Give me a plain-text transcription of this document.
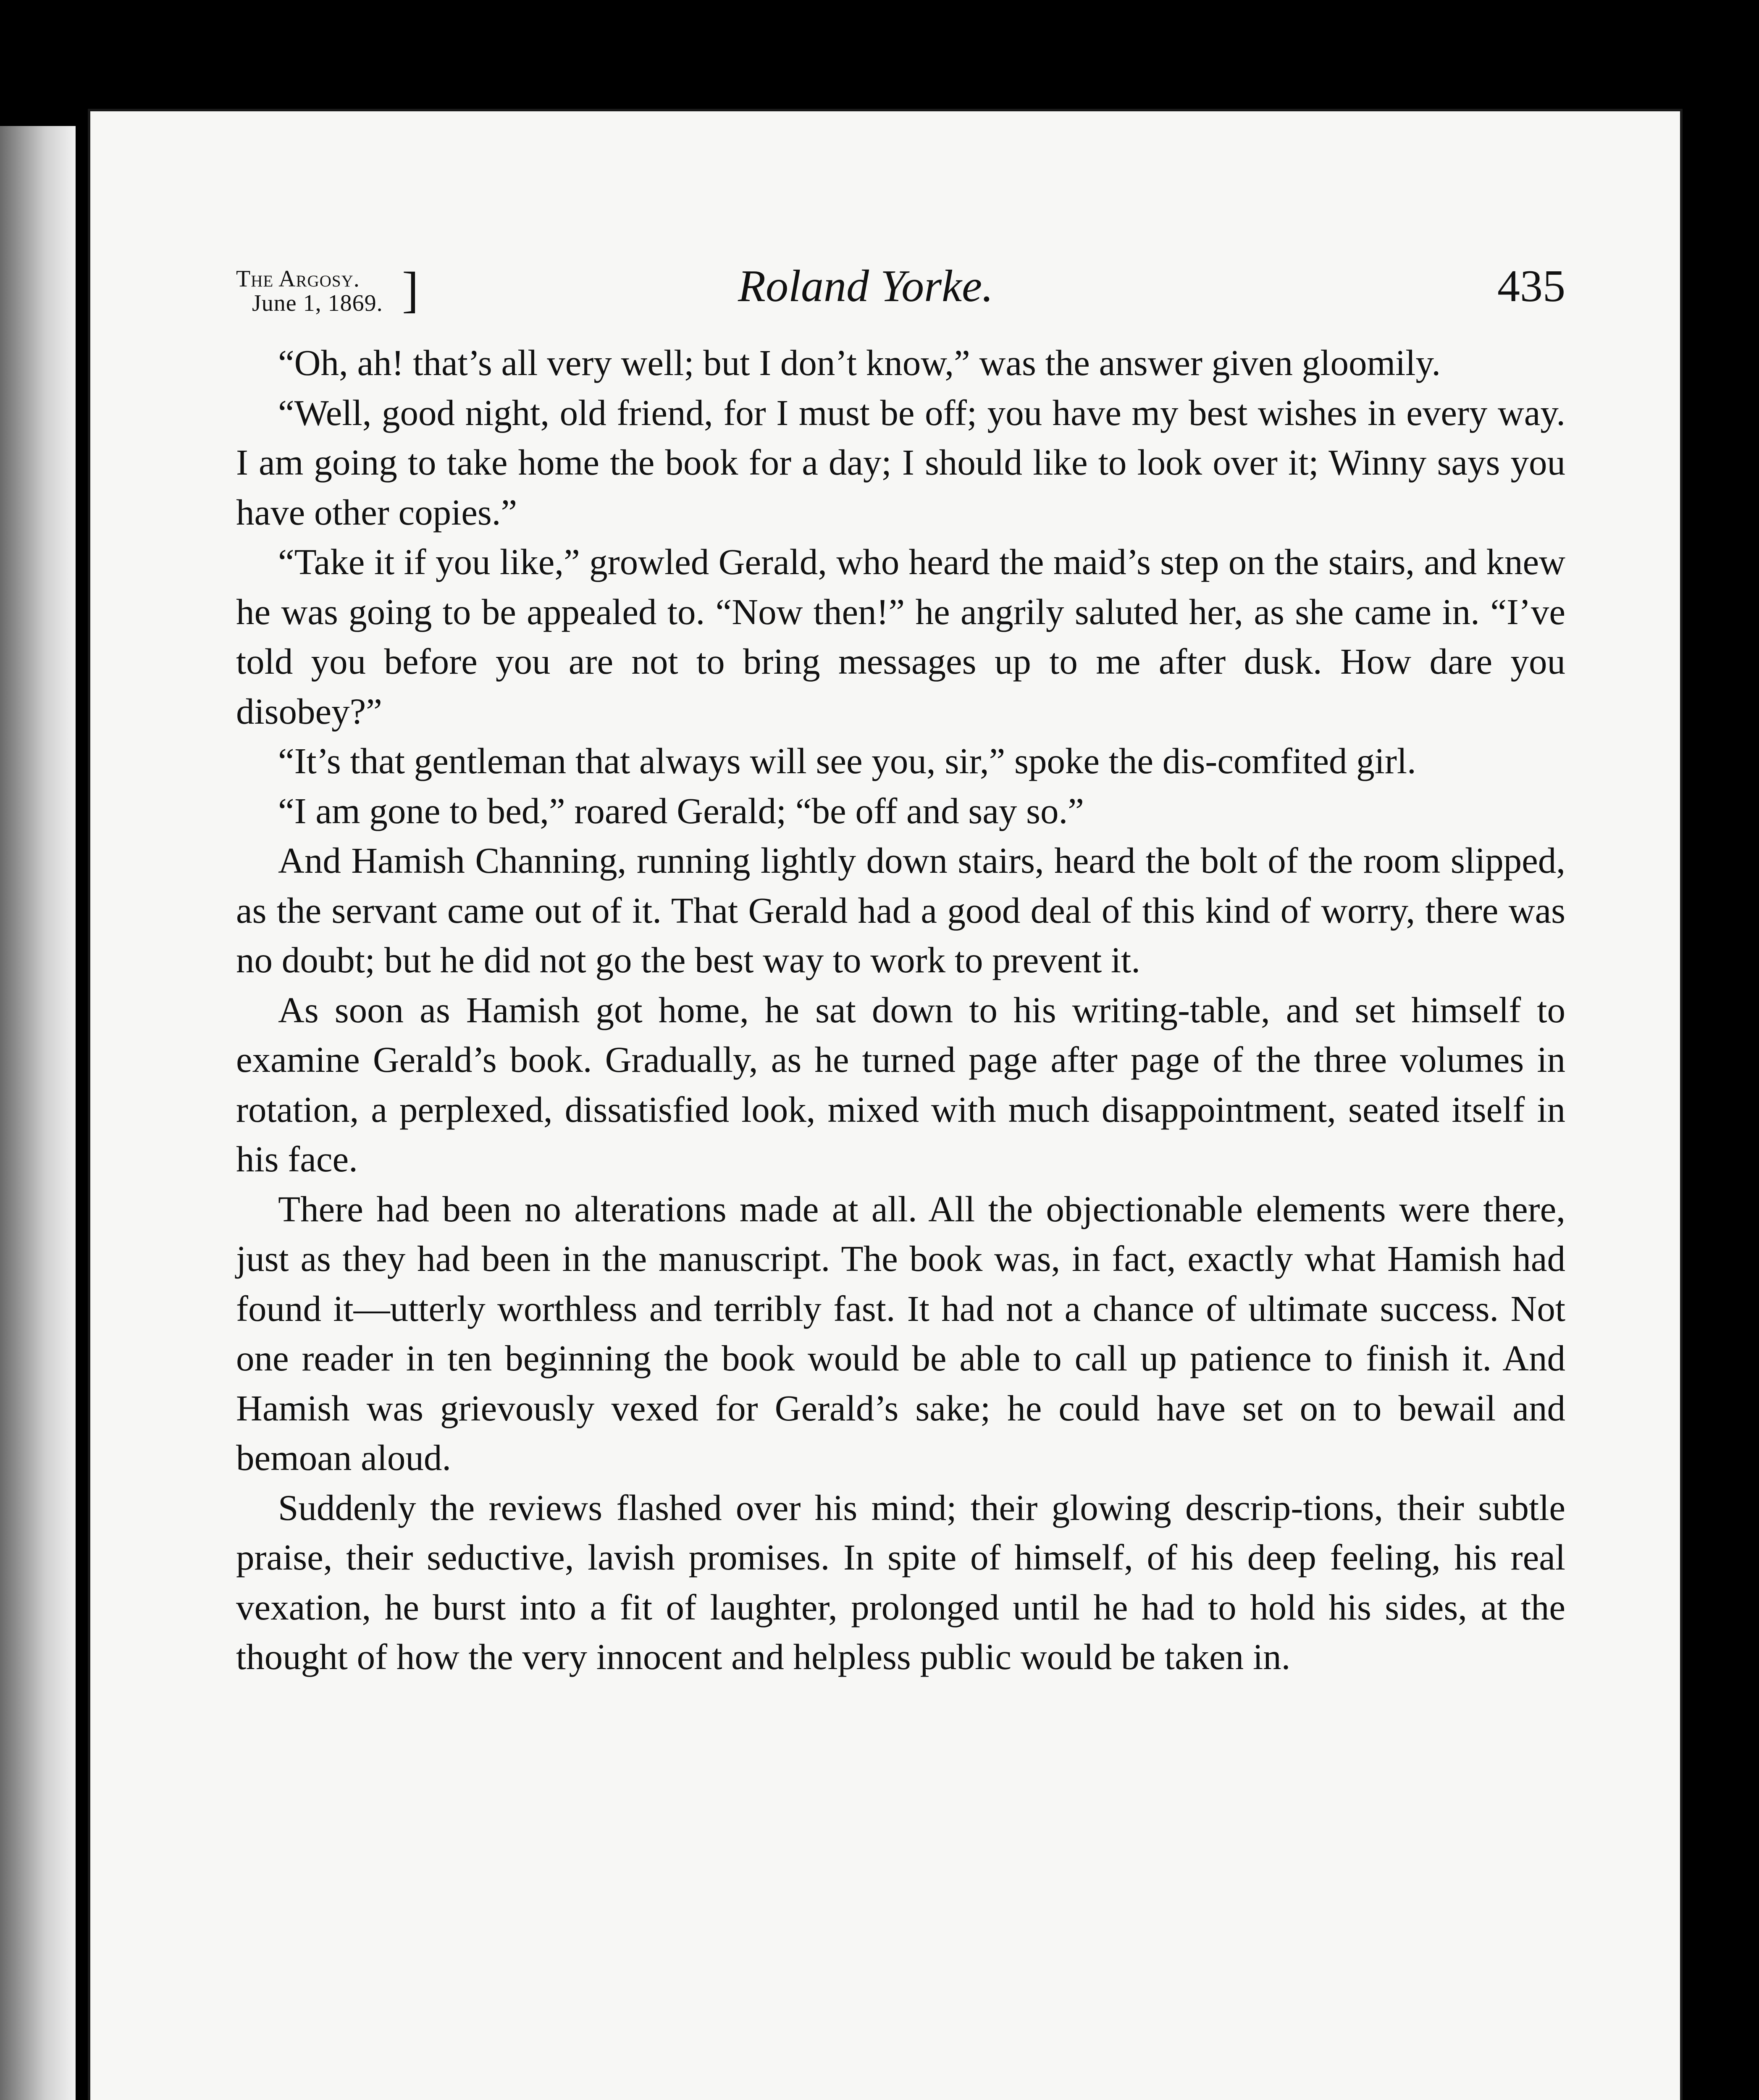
The Argosy.
June 1, 1869. ]	Roland Yorke.	435

“Oh, ah! that’s all very well; but I don’t know,” was the answer given gloomily.

“Well, good night, old friend, for I must be off; you have my best wishes in every way. I am going to take home the book for a day; I should like to look over it; Winny says you have other copies.”

“Take it if you like,” growled Gerald, who heard the maid’s step on the stairs, and knew he was going to be appealed to. “Now then!” he angrily saluted her, as she came in. “I’ve told you before you are not to bring messages up to me after dusk. How dare you disobey?”

“It’s that gentleman that always will see you, sir,” spoke the dis-comfited girl.

“I am gone to bed,” roared Gerald; “be off and say so.”

And Hamish Channing, running lightly down stairs, heard the bolt of the room slipped, as the servant came out of it. That Gerald had a good deal of this kind of worry, there was no doubt; but he did not go the best way to work to prevent it.

As soon as Hamish got home, he sat down to his writing-table, and set himself to examine Gerald’s book. Gradually, as he turned page after page of the three volumes in rotation, a perplexed, dissatisfied look, mixed with much disappointment, seated itself in his face.

There had been no alterations made at all. All the objectionable elements were there, just as they had been in the manuscript. The book was, in fact, exactly what Hamish had found it—utterly worthless and terribly fast. It had not a chance of ultimate success. Not one reader in ten beginning the book would be able to call up patience to finish it. And Hamish was grievously vexed for Gerald’s sake; he could have set on to bewail and bemoan aloud.

Suddenly the reviews flashed over his mind; their glowing descrip-tions, their subtle praise, their seductive, lavish promises. In spite of himself, of his deep feeling, his real vexation, he burst into a fit of laughter, prolonged until he had to hold his sides, at the thought of how the very innocent and helpless public would be taken in.
